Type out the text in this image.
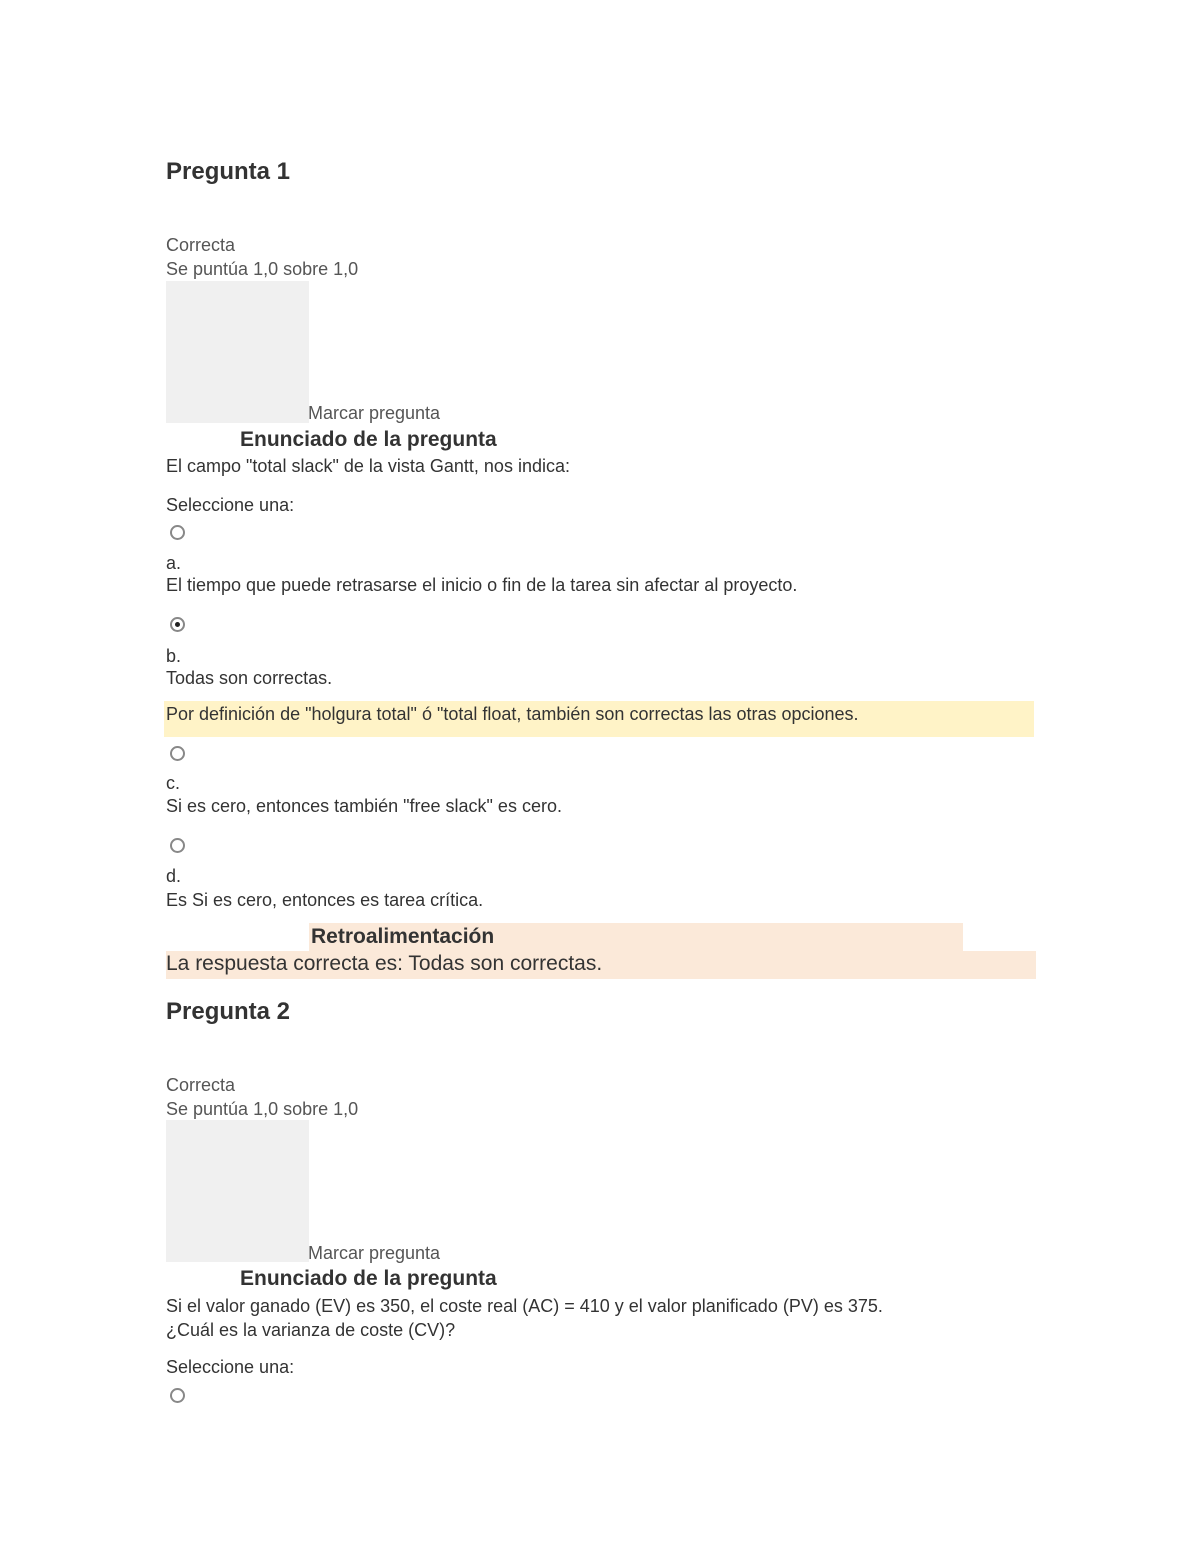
Pregunta 1
Correcta
Se puntúa 1,0 sobre 1,0
Marcar pregunta
Enunciado de la pregunta
El campo "total slack" de la vista Gantt, nos indica:
Seleccione una:
a.
El tiempo que puede retrasarse el inicio o fin de la tarea sin afectar al proyecto.
b.
Todas son correctas.
Por definición de "holgura total" ó "total float, también son correctas las otras opciones.
c.
Si es cero, entonces también "free slack" es cero.
d.
Es Si es cero, entonces es tarea crítica.
Retroalimentación
La respuesta correcta es: Todas son correctas.
Pregunta 2
Correcta
Se puntúa 1,0 sobre 1,0
Marcar pregunta
Enunciado de la pregunta
Si el valor ganado (EV) es 350, el coste real (AC) = 410 y el valor planificado (PV) es 375.
¿Cuál es la varianza de coste (CV)?
Seleccione una:
